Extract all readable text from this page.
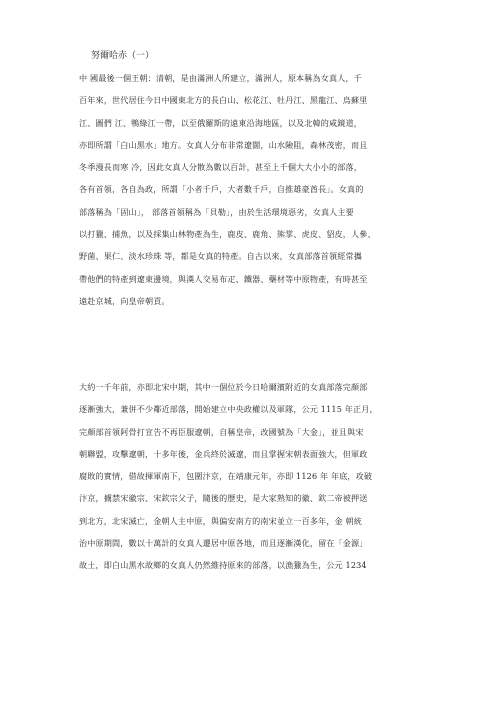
努爾哈赤（一）
中 國最後一個王朝：清朝，是由滿洲人所建立，滿洲人，原本稱為女真人，千
百年來，世代居住今日中國東北方的長白山、松花江、牡丹江、黑龍江、烏蘇里
江、圖們 江、鴨綠江一帶，以至俄羅斯的遠東沿海地區，以及北韓的咸鏡道，
亦即所謂「白山黑水」地方。女真人分布非常遼闊，山水險阻，森林茂密，而且
冬季漫長而寒 冷，因此女真人分散為數以百計，甚至上千個大大小小的部落，
各有首領，各自為政，所謂「小者千戶，大者數千戶，自推雄豪酋長」。女真的
部落稱為「固山」， 部落首領稱為「貝勒」，由於生活環境惡劣，女真人主要
以打獵、捕魚，以及採集山林物產為生，鹿皮、鹿角、熊掌、虎皮、貂皮，人參、
野菌、果仁、淡水珍珠 等，都是女真的特產。自古以來，女真部落首領經常攜
帶他們的特產到遼東邊境，與漢人交易布疋、鐵器、藥材等中原物產，有時甚至
遠赴京城，向皇帝朝貢。
大約一千年前，亦即北宋中期，其中一個位於今日哈爾濱附近的女真部落完顏部
逐漸強大，兼併不少鄰近部落，開始建立中央政權以及軍隊，公元 1115 年正月，
完顏部首領阿骨打宣告不再臣服遼朝，自稱皇帝，改國號為「大金」，並且與宋
朝聯盟，攻擊遼朝，十多年後，金兵終於滅遼，而且掌握宋朝表面強大，但軍政
腐敗的實情，借故揮軍南下，包圍汴京，在靖康元年，亦即 1126 年 年底，攻破
汴京，擄禁宋徽宗、宋欽宗父子，隨後的歷史，是大家熟知的徽、欽二帝被押送
到北方，北宋滅亡，金朝人主中原，與偏安南方的南宋並立一百多年，金 朝統
治中原期間，數以十萬計的女真人遷居中原各地，而且逐漸漢化，留在「金源」
故土，即白山黑水故鄉的女真人仍然維持原來的部落，以漁獵為生，公元 1234
